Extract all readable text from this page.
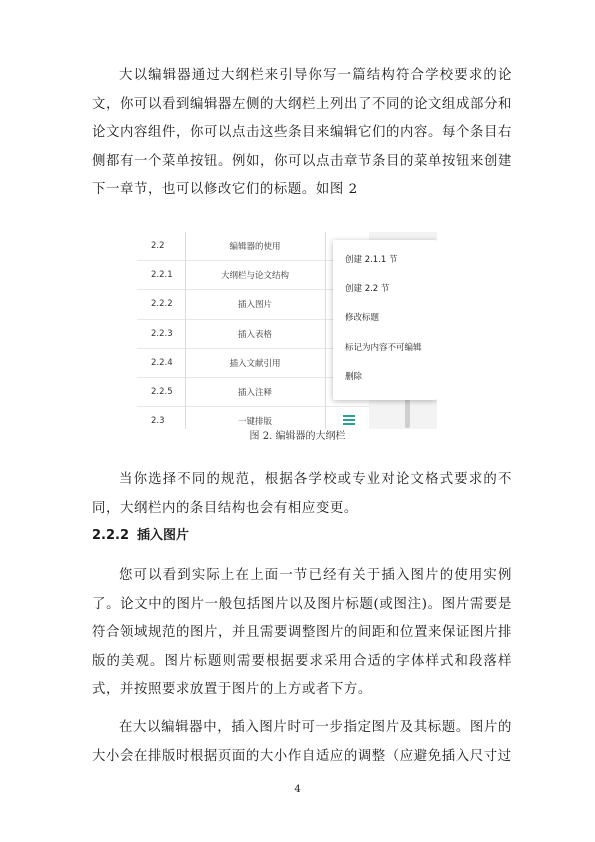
大以编辑器通过大纲栏来引导你写一篇结构符合学校要求的论文，你可以看到编辑器左侧的大纲栏上列出了不同的论文组成部分和论文内容组件，你可以点击这些条目来编辑它们的内容。每个条目右侧都有一个菜单按钮。例如，你可以点击章节条目的菜单按钮来创建下一章节，也可以修改它们的标题。如图 2

2.2	编辑器的使用
2.2.1	大纲栏与论文结构
2.2.2	插入图片
2.2.3	插入表格
2.2.4	插入文献引用
2.2.5	插入注释
2.3	一键排版
创建 2.1.1 节
创建 2.2 节
修改标题
标记为内容不可编辑
删除

图 2. 编辑器的大纲栏

当你选择不同的规范，根据各学校或专业对论文格式要求的不同，大纲栏内的条目结构也会有相应变更。

2.2.2 插入图片

您可以看到实际上在上面一节已经有关于插入图片的使用实例了。论文中的图片一般包括图片以及图片标题(或图注)。图片需要是符合领域规范的图片，并且需要调整图片的间距和位置来保证图片排版的美观。图片标题则需要根据要求采用合适的字体样式和段落样式，并按照要求放置于图片的上方或者下方。

在大以编辑器中，插入图片时可一步指定图片及其标题。图片的大小会在排版时根据页面的大小作自适应的调整（应避免插入尺寸过

4
